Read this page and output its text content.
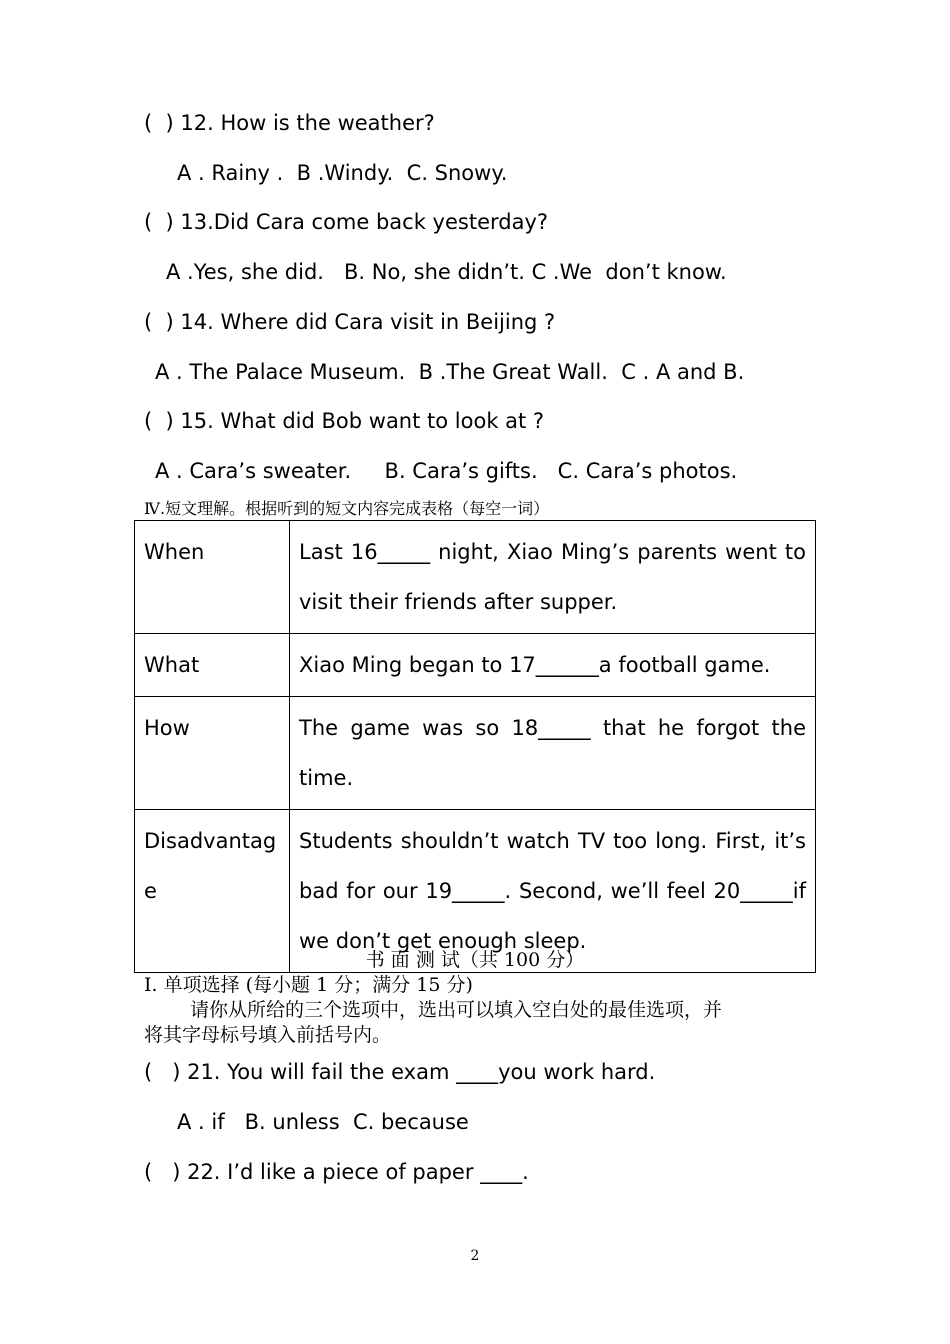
(  ) 12. How is the weather?
A . Rainy .  B .Windy.  C. Snowy.
(  ) 13.Did Cara come back yesterday?
A .Yes, she did.   B. No, she didn’t. C .We  don’t know.
(  ) 14. Where did Cara visit in Beijing ?
A . The Palace Museum.  B .The Great Wall.  C . A and B.
(  ) 15. What did Bob want to look at ?
A . Cara’s sweater.     B. Cara’s gifts.   C. Cara’s photos.
Ⅳ.短文理解。根据听到的短文内容完成表格（每空一词）
When	Last 16_____ night, Xiao Ming’s parents went to visit their friends after supper.
What	Xiao Ming began to 17______a football game.
How	The game was so 18_____ that he forgot the time.
Disadvantage	Students shouldn’t watch TV too long. First, it’s bad for our 19_____. Second, we’ll feel 20_____if we don’t get enough sleep.
书 面 测 试（共 100 分）
I. 单项选择 (每小题 1 分；满分 15 分)
请你从所给的三个选项中，选出可以填入空白处的最佳选项，并
将其字母标号填入前括号内。
(   ) 21. You will fail the exam ____you work hard.
A . if   B. unless  C. because
(   ) 22. I’d like a piece of paper ____.
2
